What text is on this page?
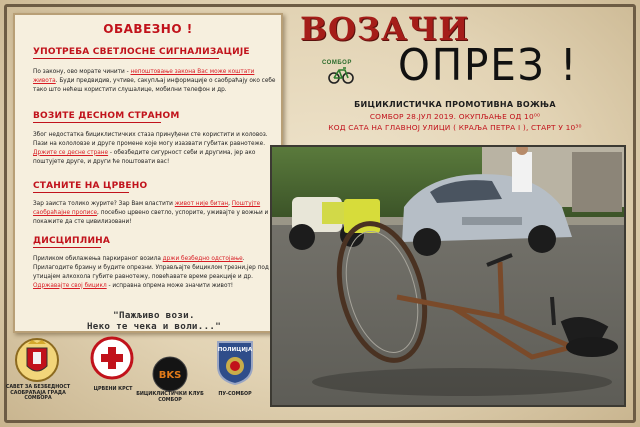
ОБАВЕЗНО !
УПОТРЕБА СВЕТЛОСНЕ СИГНАЛИЗАЦИЈЕ
По закону, ово морате чинити - непоштовање закона Вас може коштати живота. Буди предвидив, учтиве, сакупљај информације о саобраћају око себе тако што нећеш користити слушалице, мобилни телефон и др.
ВОЗИТЕ ДЕСНОМ СТРАНОМ
Због недостатка бициклистичких стаза принуђени сте користити и коловоз. Пази на кололовзе и друге промене које могу изазвати губитак равнотеже. Држите се десне стране - обезбедите сигурност себи и другима, јер ако поштујете друге, и други ће поштовати вас!
СТАНИТЕ НА ЦРВЕНО
Зар заиста толико журите? Зар Вам властити живот није битан, Поштујте саобраћајне прописе, посебно црвено светло, успорите, уживајте у вожњи и покажите да сте цивилизовани!
ДИСЦИПЛИНА
Приликом обилажења паркираног возила држи безбедно одстојање. Прилагодите брзину и будите опрезни. Управљајте бициклом трезни,јер под утицајем алкохола губите равнотежу, повећавате време реакције и др. Одржавајте свој бицикл - исправна опрема може значити живот!
"Пажљиво вози.
Неко те чека и воли..."
ВОЗАЧИ
ОПРЕЗ !
СОМБОР
БИЦИКЛИСТИЧКА ПРОМОТИВНА ВОЖЊА
СОМБОР 28.ЈУЛ 2019. ОКУПЉАЊЕ ОД 10⁰⁰
КОД САТА НА ГЛАВНОЈ УЛИЦИ ( КРАЉА ПЕТРА I ), СТАРТ У 10³⁰
САВЕТ ЗА БЕЗБЕДНОСТ
САОБРАЋАЈА ГРАДА СОМБОРА
ЦРВЕНИ КРСТ
BKS
БИЦИКЛИСТИЧКИ КЛУБ
СОМБОР
ПОЛИЦИЈА
ПУ-СОМБОР
